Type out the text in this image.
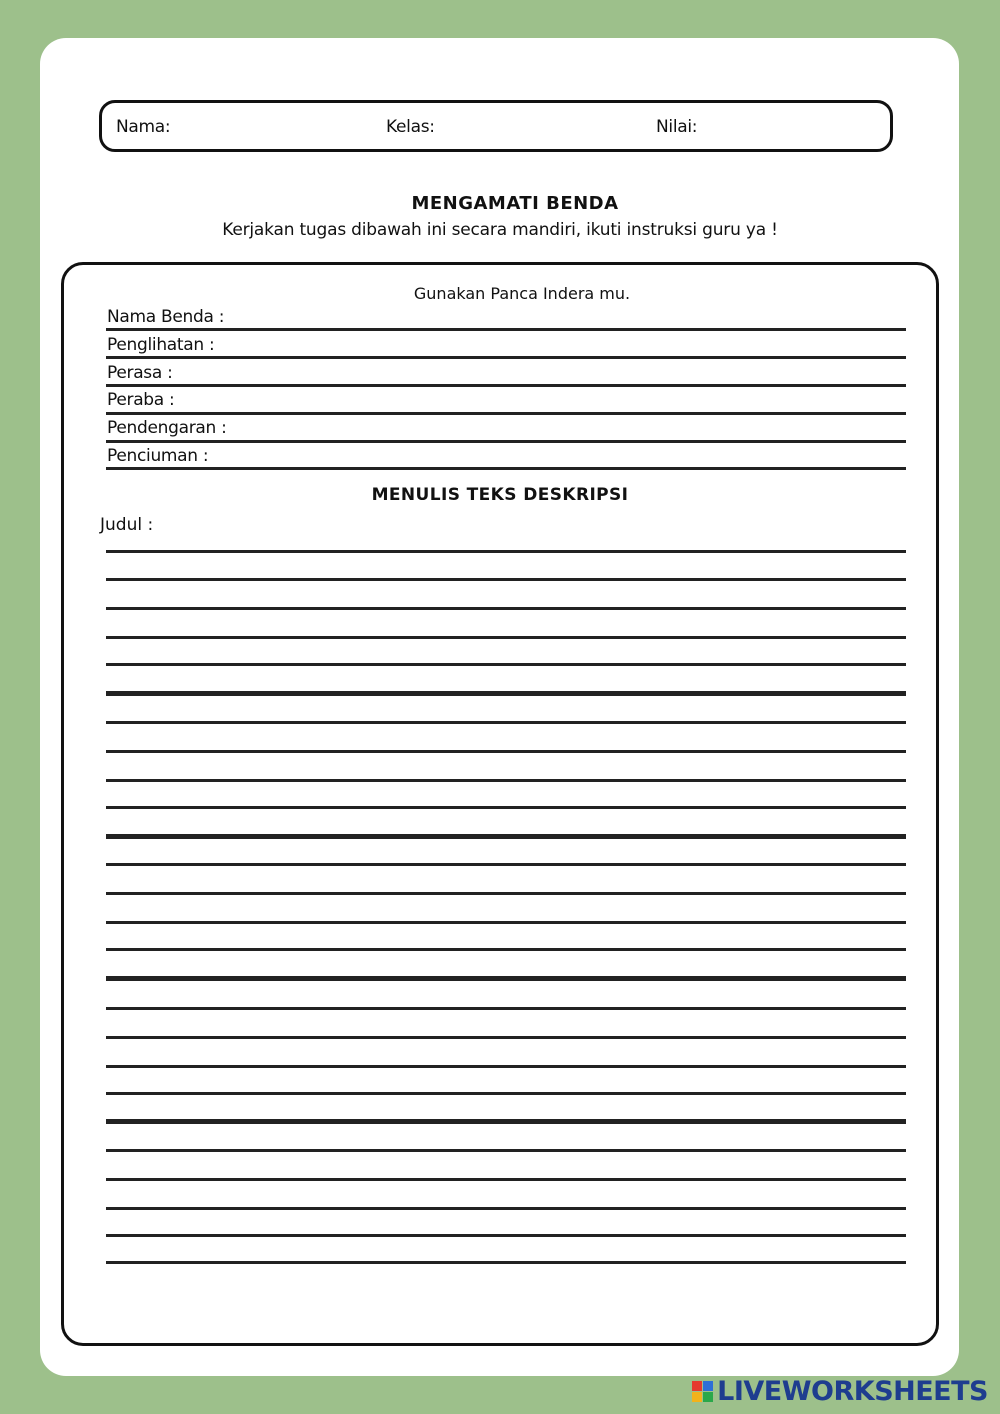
Nama:	Kelas:	Nilai:
MENGAMATI BENDA
Kerjakan tugas dibawah ini secara mandiri, ikuti instruksi guru ya !
Gunakan Panca Indera mu.
Nama Benda :
Penglihatan :
Perasa :
Peraba :
Pendengaran :
Penciuman :
MENULIS TEKS DESKRIPSI
Judul :
LIVEWORKSHEETS
